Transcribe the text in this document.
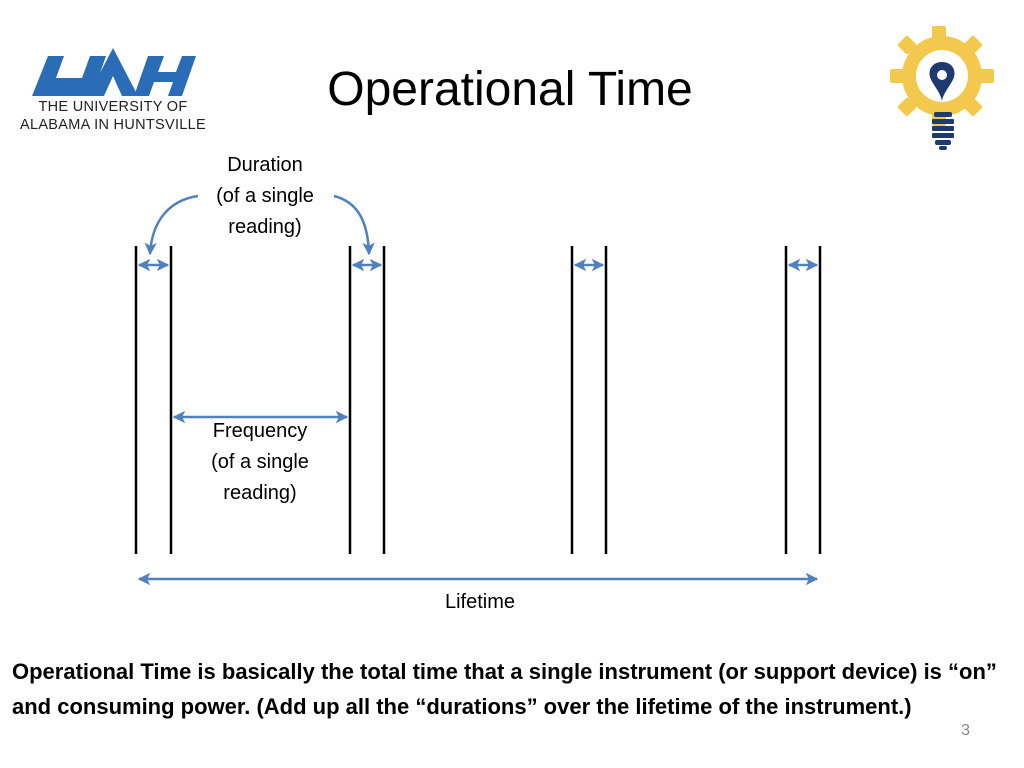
THE UNIVERSITY OF
ALABAMA IN HUNTSVILLE
Operational Time
Duration
(of a single
reading)
Frequency
(of a single
reading)
Lifetime
Operational Time is basically the total time that a single instrument (or support device) is “on” and consuming power. (Add up all the “durations” over the lifetime of the instrument.)
3
